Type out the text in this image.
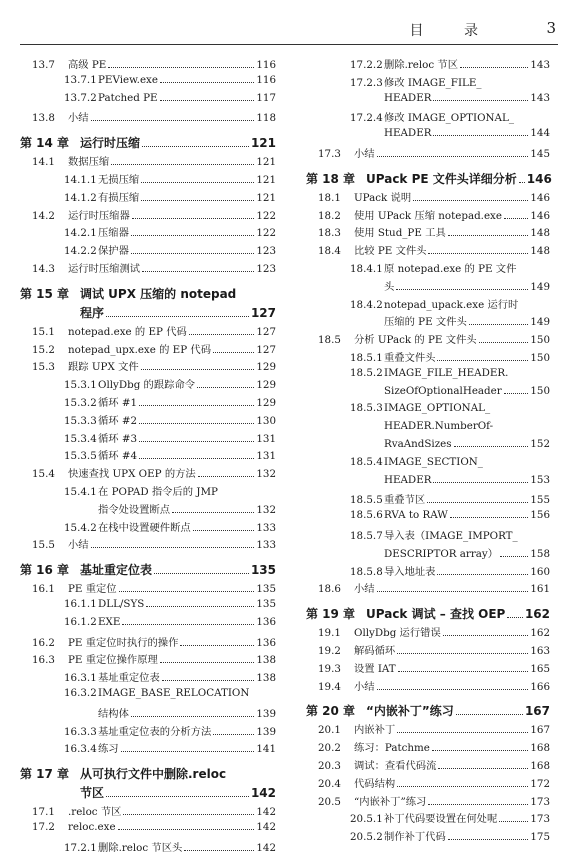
目 录	3
13.7	高级 PE	116
13.7.1 PEView.exe	116
13.7.2 Patched PE	117
13.8	小结	118
第 14 章 运行时压缩	121
14.1	数据压缩	121
14.1.1 无损压缩	121
14.1.2 有损压缩	121
14.2	运行时压缩器	122
14.2.1 压缩器	122
14.2.2 保护器	123
14.3	运行时压缩测试	123
第 15 章 调试 UPX 压缩的 notepad
程序	127
15.1	notepad.exe 的 EP 代码	127
15.2	notepad_upx.exe 的 EP 代码	127
15.3	跟踪 UPX 文件	129
15.3.1 OllyDbg 的跟踪命令	129
15.3.2 循环 #1	129
15.3.3 循环 #2	130
15.3.4 循环 #3	131
15.3.5 循环 #4	131
15.4	快速查找 UPX OEP 的方法	132
15.4.1 在 POPAD 指令后的 JMP
指令处设置断点	132
15.4.2 在栈中设置硬件断点	133
15.5	小结	133
第 16 章 基址重定位表	135
16.1	PE 重定位	135
16.1.1 DLL/SYS	135
16.1.2 EXE	136
16.2	PE 重定位时执行的操作	136
16.3	PE 重定位操作原理	138
16.3.1 基址重定位表	138
16.3.2 IMAGE_BASE_RELOCATION
结构体	139
16.3.3 基址重定位表的分析方法	139
16.3.4 练习	141
第 17 章 从可执行文件中删除.reloc
节区	142
17.1	.reloc 节区	142
17.2	reloc.exe	142
17.2.1 删除.reloc 节区头	142
17.2.2 删除.reloc 节区	143
17.2.3 修改 IMAGE_FILE_
HEADER	143
17.2.4 修改 IMAGE_OPTIONAL_
HEADER	144
17.3	小结	145
第 18 章 UPack PE 文件头详细分析 146
18.1	UPack 说明	146
18.2	使用 UPack 压缩 notepad.exe	146
18.3	使用 Stud_PE 工具	148
18.4	比较 PE 文件头	148
18.4.1 原 notepad.exe 的 PE 文件
头	149
18.4.2 notepad_upack.exe 运行时
压缩的 PE 文件头	149
18.5	分析 UPack 的 PE 文件头	150
18.5.1 重叠文件头	150
18.5.2 IMAGE_FILE_HEADER.
SizeOfOptionalHeader	150
18.5.3 IMAGE_OPTIONAL_
HEADER.NumberOf-
RvaAndSizes	152
18.5.4 IMAGE_SECTION_
HEADER	153
18.5.5 重叠节区	155
18.5.6 RVA to RAW	156
18.5.7 导入表（IMAGE_IMPORT_
DESCRIPTOR array）	158
18.5.8 导入地址表	160
18.6	小结	161
第 19 章 UPack 调试 – 查找 OEP 162
19.1	OllyDbg 运行错误	162
19.2	解码循环	163
19.3	设置 IAT	165
19.4	小结	166
第 20 章 “内嵌补丁”练习	167
20.1	内嵌补丁	167
20.2	练习：Patchme	168
20.3	调试：查看代码流	168
20.4	代码结构	172
20.5	“内嵌补丁”练习	173
20.5.1 补丁代码要设置在何处呢	173
20.5.2 制作补丁代码	175
